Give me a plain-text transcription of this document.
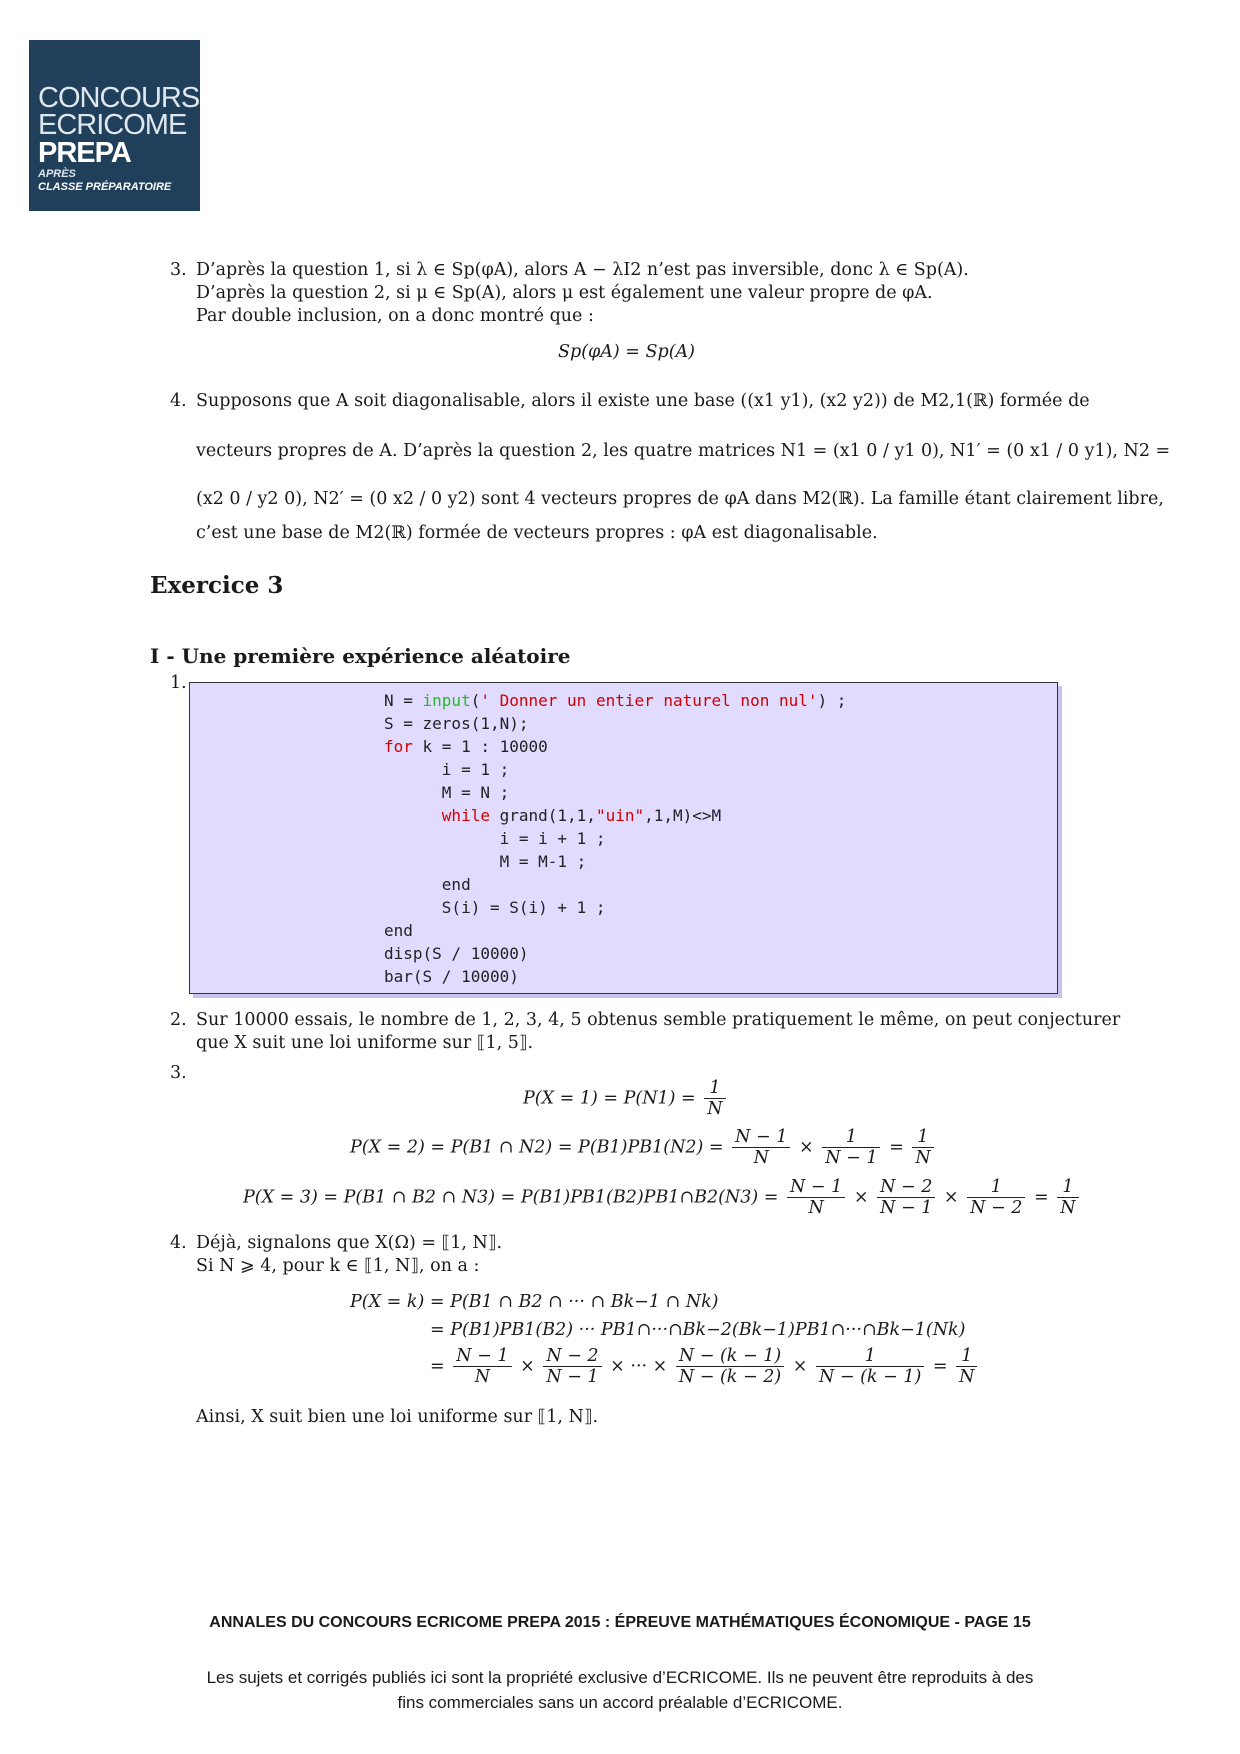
CONCOURS
ECRICOME
PREPA
APRÈS
CLASSE PRÉPARATOIRE
3. D’après la question 1, si λ ∈ Sp(φA), alors A − λI2 n’est pas inversible, donc λ ∈ Sp(A).
D’après la question 2, si μ ∈ Sp(A), alors μ est également une valeur propre de φA.
Par double inclusion, on a donc montré que :
Sp(φA) = Sp(A)
4. Supposons que A soit diagonalisable, alors il existe une base ((x1 y1), (x2 y2)) de M2,1(ℝ) formée de
vecteurs propres de A. D’après la question 2, les quatre matrices N1 = (x1 0 / y1 0), N1′ = (0 x1 / 0 y1), N2 =
(x2 0 / y2 0), N2′ = (0 x2 / 0 y2) sont 4 vecteurs propres de φA dans M2(ℝ). La famille étant clairement libre,
c’est une base de M2(ℝ) formée de vecteurs propres : φA est diagonalisable.
Exercice 3
I - Une première expérience aléatoire
1.
N = input(' Donner un entier naturel non nul') ;
S = zeros(1,N);
for k = 1 : 10000
i = 1 ;
M = N ;
while grand(1,1,"uin",1,M)<>M
i = i + 1 ;
M = M-1 ;
end
S(i) = S(i) + 1 ;
end
disp(S / 10000)
bar(S / 10000)
2. Sur 10000 essais, le nombre de 1, 2, 3, 4, 5 obtenus semble pratiquement le même, on peut conjecturer
que X suit une loi uniforme sur ⟦1, 5⟧.
3.
$P(X = 1) = P(N1) = \frac{1}{N}$
P(X = 2) = P(B1 ∩ $N2) = P(B1)PB1(N2) = \frac{N - 1}{N} \times \frac{1}{N - 1} = \frac{1}{N}$
P(X = 3) = P(B1 ∩ B2 ∩ N3) = P(B1)PB1(B2)PB1∩B2(N3) = $\frac{N - 1}{N} \times \frac{N - 2}{N - 1} \times \frac{1}{N - 2} = \frac{1}{N}$
4. Déjà, signalons que X(Ω) = ⟦1, N⟧.
Si N ⩾ 4, pour k ∈ ⟦1, N⟧, on a :
P(X = k) = P(B1 ∩ B2 ∩ ··· ∩ Bk−1 ∩ Nk)
= P(B1)PB1(B2) ··· PB1∩···∩Bk−2(Bk−1)PB1∩···∩Bk−1(Nk)
= $\frac{N - 1}{N} \times \frac{N - 2}{N - 1}$ × ··· × $\frac{N - (k - 1)}{N - (k - 2)} \times \frac{1}{N - (k - 1)} = \frac{1}{N}$
Ainsi, X suit bien une loi uniforme sur ⟦1, N⟧.
ANNALES DU CONCOURS ECRICOME PREPA 2015 : ÉPREUVE MATHÉMATIQUES ÉCONOMIQUE - PAGE 15
Les sujets et corrigés publiés ici sont la propriété exclusive d’ECRICOME. Ils ne peuvent être reproduits à des
fins commerciales sans un accord préalable d’ECRICOME.
